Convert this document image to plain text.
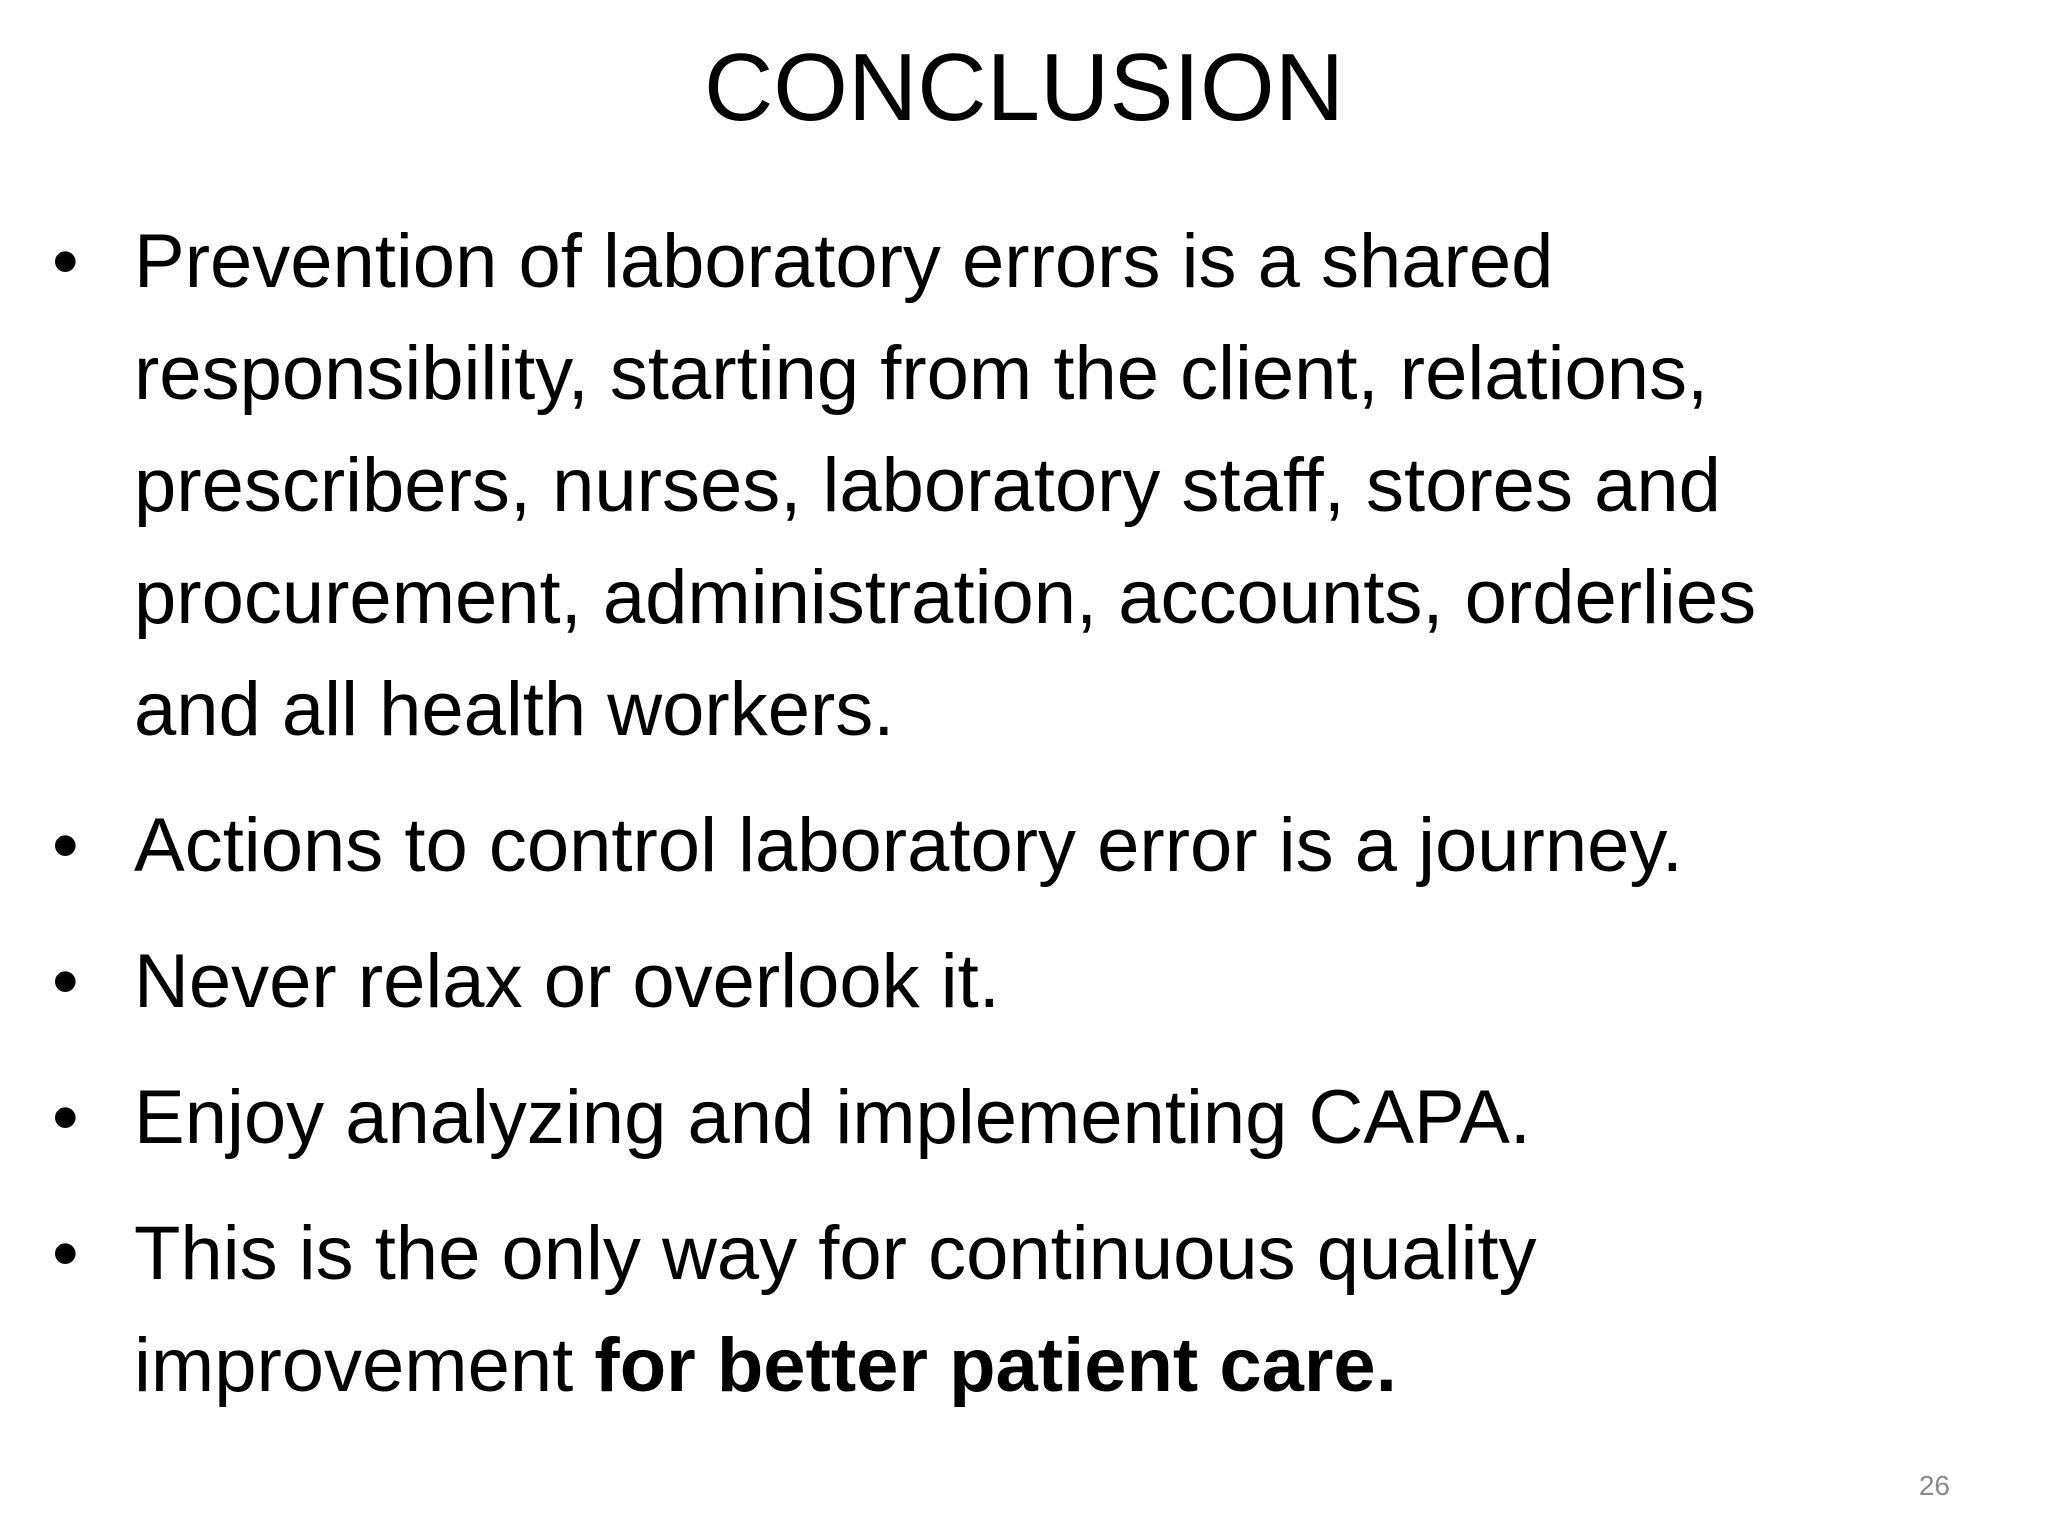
CONCLUSION
• Prevention of laboratory errors is a shared
responsibility, starting from the client, relations,
prescribers, nurses, laboratory staff, stores and
procurement, administration, accounts, orderlies
and all health workers.
• Actions to control laboratory error is a journey.
• Never relax or overlook it.
• Enjoy analyzing and implementing CAPA.
• This is the only way for continuous quality
improvement for better patient care.
26
